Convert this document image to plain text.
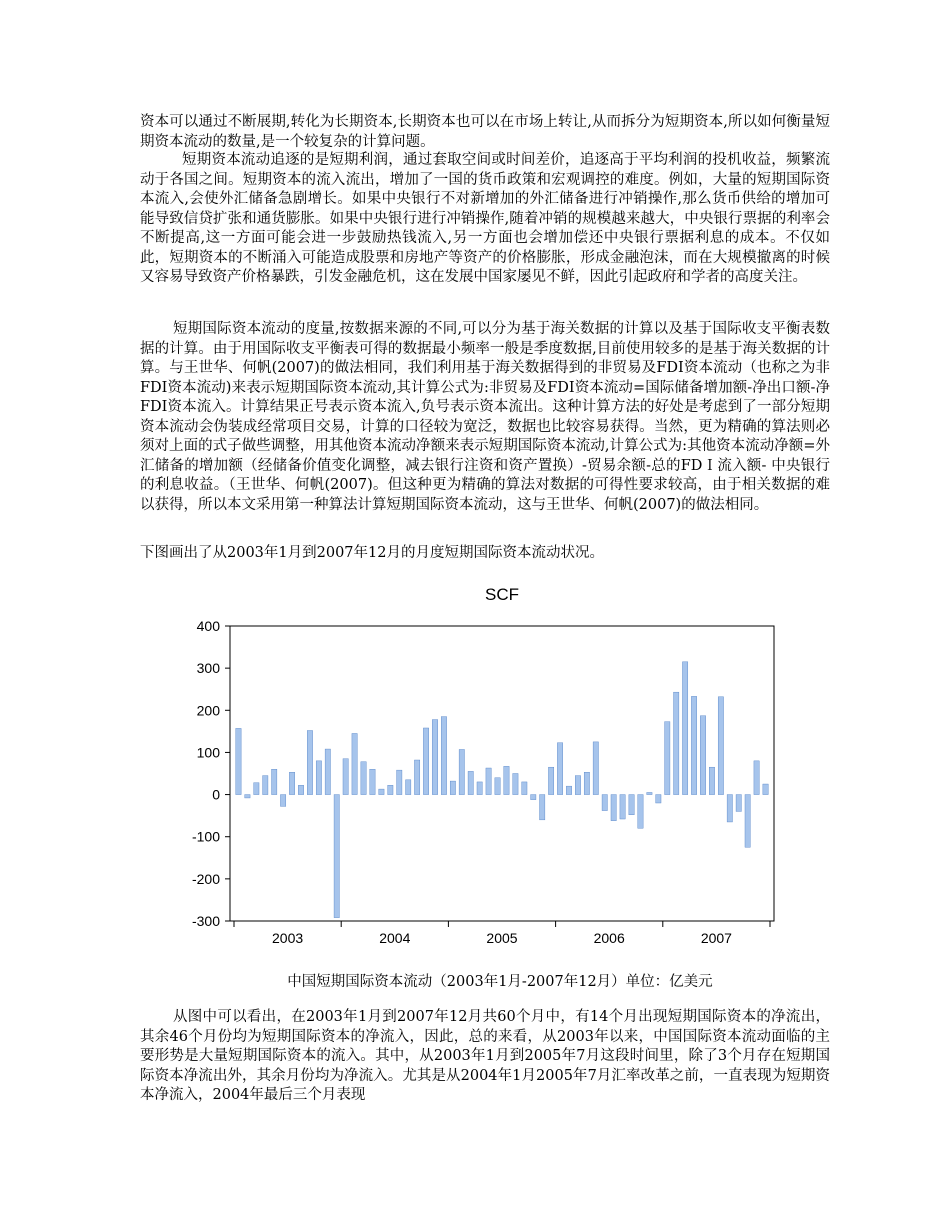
资本可以通过不断展期,转化为长期资本,长期资本也可以在市场上转让,从而拆分为短期资本,所以如何衡量短期资本流动的数量,是一个较复杂的计算问题。

短期资本流动追逐的是短期利润，通过套取空间或时间差价，追逐高于平均利润的投机收益，频繁流动于各国之间。短期资本的流入流出，增加了一国的货币政策和宏观调控的难度。例如，大量的短期国际资本流入,会使外汇储备急剧增长。如果中央银行不对新增加的外汇储备进行冲销操作,那么货币供给的增加可能导致信贷扩张和通货膨胀。如果中央银行进行冲销操作,随着冲销的规模越来越大，中央银行票据的利率会不断提高,这一方面可能会进一步鼓励热钱流入,另一方面也会增加偿还中央银行票据利息的成本。不仅如此，短期资本的不断涌入可能造成股票和房地产等资产的价格膨胀，形成金融泡沫，而在大规模撤离的时候又容易导致资产价格暴跌，引发金融危机，这在发展中国家屡见不鲜，因此引起政府和学者的高度关注。

短期国际资本流动的度量,按数据来源的不同,可以分为基于海关数据的计算以及基于国际收支平衡表数据的计算。由于用国际收支平衡表可得的数据最小频率一般是季度数据,目前使用较多的是基于海关数据的计算。与王世华、何帆(2007)的做法相同，我们利用基于海关数据得到的非贸易及FDI资本流动（也称之为非FDI资本流动)来表示短期国际资本流动,其计算公式为:非贸易及FDI资本流动=国际储备增加额-净出口额-净FDI资本流入。计算结果正号表示资本流入,负号表示资本流出。这种计算方法的好处是考虑到了一部分短期资本流动会伪装成经常项目交易，计算的口径较为宽泛，数据也比较容易获得。当然，更为精确的算法则必须对上面的式子做些调整，用其他资本流动净额来表示短期国际资本流动,计算公式为:其他资本流动净额=外汇储备的增加额（经储备价值变化调整，减去银行注资和资产置换）-贸易余额-总的FDＩ流入额- 中央银行的利息收益。（王世华、何帆(2007)。但这种更为精确的算法对数据的可得性要求较高，由于相关数据的难以获得，所以本文采用第一种算法计算短期国际资本流动，这与王世华、何帆(2007)的做法相同。

下图画出了从2003年1月到2007年12月的月度短期国际资本流动状况。

SCF
-300
-200
-100
0
100
200
300
400
2003	2004	2005	2006	2007
中国短期国际资本流动（2003年1月-2007年12月）单位：亿美元

从图中可以看出，在2003年1月到2007年12月共60个月中，有14个月出现短期国际资本的净流出，其余46个月份均为短期国际资本的净流入，因此，总的来看，从2003年以来，中国国际资本流动面临的主要形势是大量短期国际资本的流入。其中，从2003年1月到2005年7月这段时间里，除了3个月存在短期国际资本净流出外，其余月份均为净流入。尤其是从2004年1月2005年7月汇率改革之前，一直表现为短期资本净流入，2004年最后三个月表现
